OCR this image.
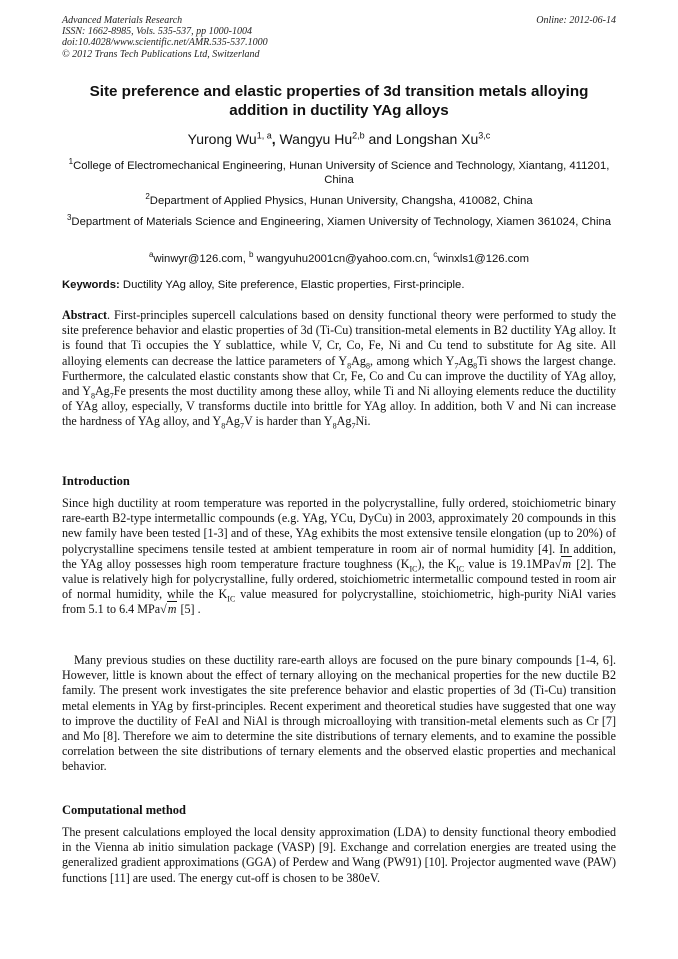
Advanced Materials Research
ISSN: 1662-8985, Vols. 535-537, pp 1000-1004
doi:10.4028/www.scientific.net/AMR.535-537.1000
© 2012 Trans Tech Publications Ltd, Switzerland
Online: 2012-06-14
Site preference and elastic properties of 3d transition metals alloying addition in ductility YAg alloys
Yurong Wu$^{1, a}$, Wangyu Hu$^{2,b}$ and Longshan Xu$^{3,c}$
$^1$College of Electromechanical Engineering, Hunan University of Science and Technology, Xiantang, 411201, China
$^2$Department of Applied Physics, Hunan University, Changsha, 410082, China
$^3$Department of Materials Science and Engineering, Xiamen University of Technology, Xiamen 361024, China
$^a$winwyr@126.com, $^b$ wangyuhu2001cn@yahoo.com.cn, $^c$winxls1@126.com
Keywords: Ductility YAg alloy, Site preference, Elastic properties, First-principle.
Abstract. First-principles supercell calculations based on density functional theory were performed to study the site preference behavior and elastic properties of 3d (Ti-Cu) transition-metal elements in B2 ductility YAg alloy. It is found that Ti occupies the Y sublattice, while V, Cr, Co, Fe, Ni and Cu tend to substitute for Ag site. All alloying elements can decrease the lattice parameters of $Y_8Ag_8$, among which $Y_7Ag_8Ti$ shows the largest change. Furthermore, the calculated elastic constants show that Cr, Fe, Co and Cu can improve the ductility of YAg alloy, and $Y_8Ag_7Fe$ presents the most ductility among these alloy, while Ti and Ni alloying elements reduce the ductility of YAg alloy, especially, V transforms ductile into brittle for YAg alloy. In addition, both V and Ni can increase the hardness of YAg alloy, and $Y_8Ag_7V$ is harder than $Y_8Ag_7Ni$.
Introduction
Since high ductility at room temperature was reported in the polycrystalline, fully ordered, stoichiometric binary rare-earth B2-type intermetallic compounds (e.g. YAg, YCu, DyCu) in 2003, approximately 20 compounds in this new family have been tested [1-3] and of these, YAg exhibits the most extensive tensile elongation (up to 20%) of polycrystalline specimens tensile tested at ambient temperature in room air of normal humidity [4]. In addition, the YAg alloy possesses high room temperature fracture toughness $(K_{IC})$, the $K_{IC}$ value is 19.1MPa√m [2]. The value is relatively high for polycrystalline, fully ordered, stoichiometric intermetallic compound tested in room air of normal humidity, while the $K_{IC}$ value measured for polycrystalline, stoichiometric, high-purity NiAl varies from 5.1 to 6.4 MPa√m [5] .
Many previous studies on these ductility rare-earth alloys are focused on the pure binary compounds [1-4, 6]. However, little is known about the effect of ternary alloying on the mechanical properties for the new ductile B2 family. The present work investigates the site preference behavior and elastic properties of 3d (Ti-Cu) transition metal elements in YAg by first-principles. Recent experiment and theoretical studies have suggested that one way to improve the ductility of FeAl and NiAl is through microalloying with transition-metal elements such as Cr [7] and Mo [8]. Therefore we aim to determine the site distributions of ternary elements, and to examine the possible correlation between the site distributions of ternary elements and the observed elastic properties and mechanical behavior.
Computational method
The present calculations employed the local density approximation (LDA) to density functional theory embodied in the Vienna ab initio simulation package (VASP) [9]. Exchange and correlation energies are treated using the generalized gradient approximations (GGA) of Perdew and Wang (PW91) [10]. Projector augmented wave (PAW) functions [11] are used. The energy cut-off is chosen to be 380eV.
